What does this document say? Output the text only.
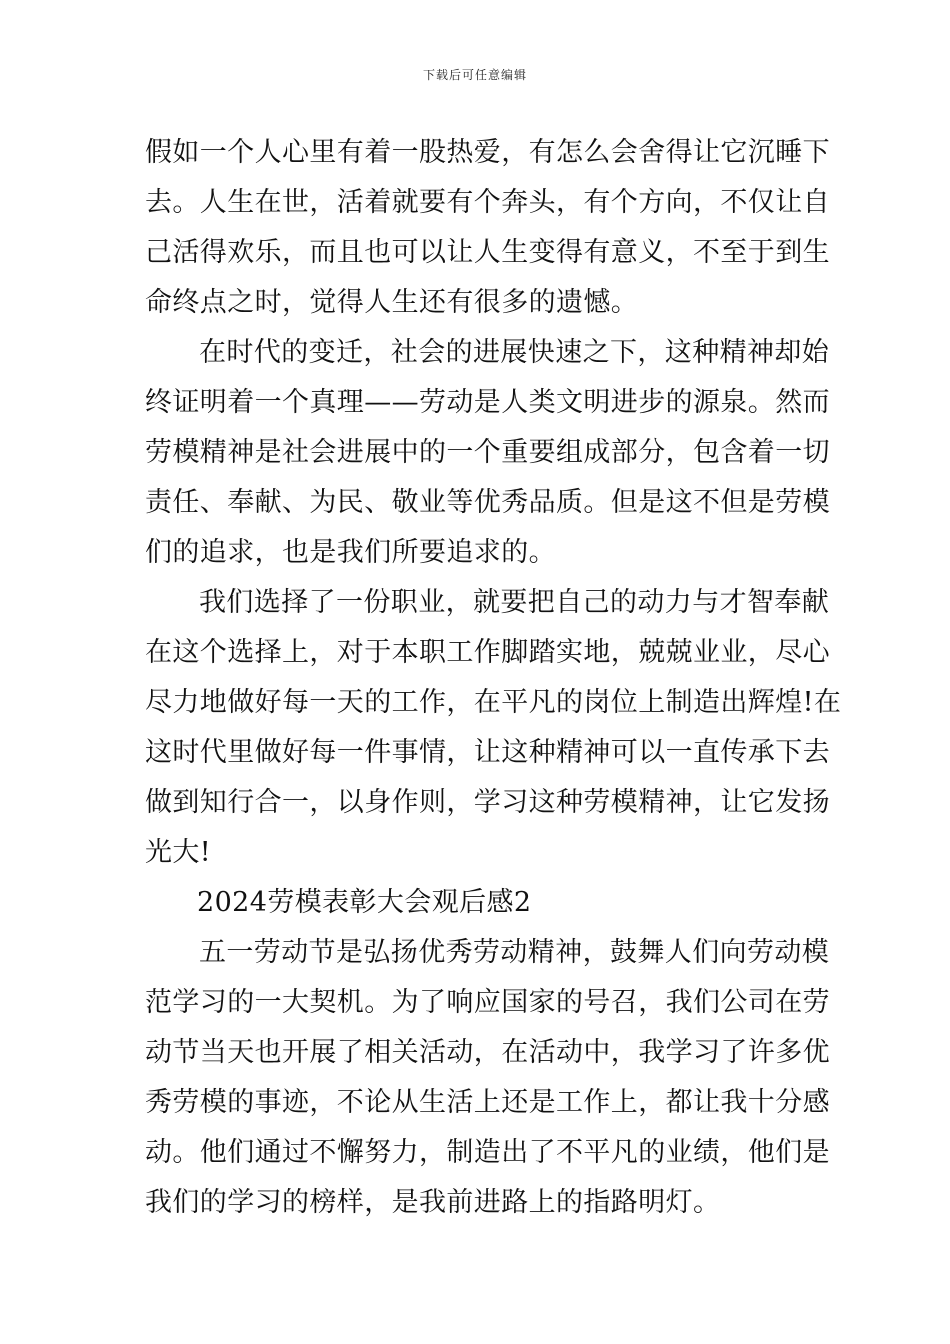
下载后可任意编辑
假如一个人心里有着一股热爱，有怎么会舍得让它沉睡下
去。人生在世，活着就要有个奔头，有个方向，不仅让自
己活得欢乐，而且也可以让人生变得有意义，不至于到生
命终点之时，觉得人生还有很多的遗憾。
在时代的变迁，社会的进展快速之下，这种精神却始
终证明着一个真理——劳动是人类文明进步的源泉。然而
劳模精神是社会进展中的一个重要组成部分，包含着一切
责任、奉献、为民、敬业等优秀品质。但是这不但是劳模
们的追求，也是我们所要追求的。
我们选择了一份职业，就要把自己的动力与才智奉献
在这个选择上，对于本职工作脚踏实地，兢兢业业，尽心
尽力地做好每一天的工作，在平凡的岗位上制造出辉煌!在
这时代里做好每一件事情，让这种精神可以一直传承下去
做到知行合一，以身作则，学习这种劳模精神，让它发扬
光大!
2024劳模表彰大会观后感2
五一劳动节是弘扬优秀劳动精神，鼓舞人们向劳动模
范学习的一大契机。为了响应国家的号召，我们公司在劳
动节当天也开展了相关活动，在活动中，我学习了许多优
秀劳模的事迹，不论从生活上还是工作上，都让我十分感
动。他们通过不懈努力，制造出了不平凡的业绩，他们是
我们的学习的榜样，是我前进路上的指路明灯。
